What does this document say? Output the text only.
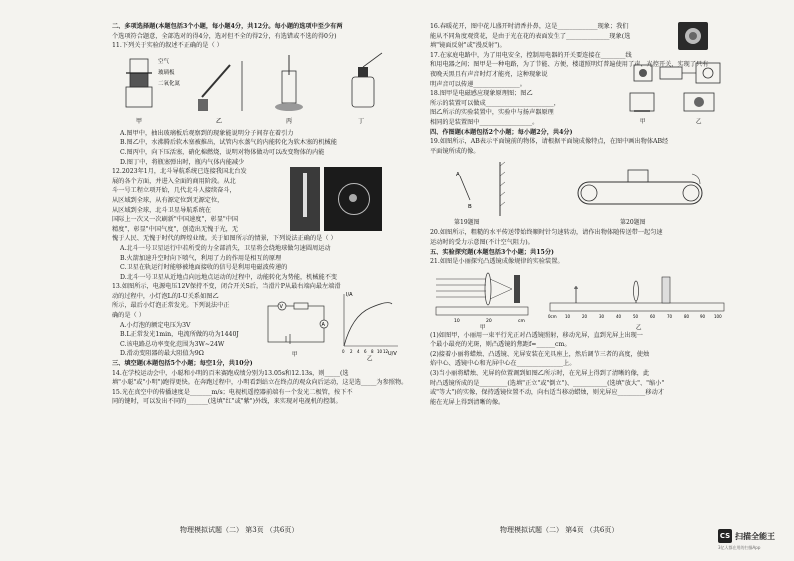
二、多项选择题(本题包括3个小题，每小题4分，共12分。每小题的选项中至少有两
个选项符合题意，全部选对的得4分，选对但不全的得2分，有选错或不选的得0分)
11.下列关于实验的叙述不正确的是（ ）
空气
玻璃板
二氧化氮
甲	乙	丙	丁
A.图甲中，抽出玻璃板后观察到的现象能说明分子间存在着引力
B.图乙中，水沸腾后软木塞被推出，试管内水蒸气的内能转化为软木塞的机械能
C.图丙中，向下压活塞，硝化棉燃烧，说明对物体做功可以改变物体的内能
D.图丁中，将瓶塞弹出时，瓶内气体内能减少
12.2023年1月，北斗导航系统已连接我国北台发
展的各个方面，并进入全面的商用阶段。从北
斗一号工程立项开始，几代北斗人接续奋斗，
从区域到全球，从有源定位到无源定位，
从区域到全球，北斗卫星导航系统在
国际上一次又一次刷新"中国速度"，彰显"中国
精度"，彰显"中国气度"，创造出无愧于光，无
愧于人民、无愧于时代的辉煌业绩。关于如图所示的情景，下列说法正确的是（ ）
A.北斗一号卫星运行中若所受的力全部消失，卫星将会绕地球做匀速圆周运动
B.火箭加速升空时向下喷气，利用了力的作用是相互的原理
C.卫星在轨运行时能够被地面接收的信号是利用电磁波传递的
D.北斗一号卫星从近地点向远地点运动的过程中，动能转化为势能，机械能不变
13.如图所示，电源电压12V保持不变，闭合开关S后，当滑片P从最右端向最左端滑
动的过程中，小灯泡L的I-U关系如图乙
所示，最后小灯泡正常发光。下列说法中正
确的是（ ）
A.小灯泡的额定电压为3V
B.L正常发光1min，电流所做的功为1440J
C.该电路总功率变化范围为3W~24W
D.滑动变阻器的最大阻值为9Ω
V
A
I/A
U/V
0 2 4 6 8 10 12
甲
乙
三、填空题(本题包括5个小题；每空1分，共10分)
14.在学校运动会中，小聪和小明的百米赛跑成绩分别为13.05s和12.13s，则_____(选
填"小聪"或"小明")跑得更快。在奔跑过程中，小明看到站立在终点的观众向后运动，这是选_____为参照物。
15.光在真空中的传播速度是_______m/s；电视机遥控器前端有一个发光二极管，按下不
同的键时，可以发出不同的_______(选填"红"或"紫")外线，来实现对电视机的控制。
物理模拟试题（二） 第3页 （共6页）
16.春暖花开，图中花儿盛开时清香扑鼻，这是_____________现象；我们
能从不同角度观赏花，是由于光在花的表面发生了______________现象(选
填"镜面反射"或"漫反射")。
17.在家庭电路中，为了用电安全，控制用电器的开关要连接在________线
和用电器之间；图甲是一种电路，为了节能、方便，楼道照明灯普遍使用了声、光控开关，实现了只有
夜晚天黑且有声音时灯才能亮，这种现象说
明声音可以传递_______________。
18.图甲是电磁感应现象原理图；图乙
所示的装置可以做成______________________，
图乙所示的实验装置中，实验中与扬声器原理
相同的是装置图中_________________。	甲	乙
四、作图题(本题包括2个小题；每小题2分，共4分)
19.如图所示，AB表示平面镜前的物体，请根据平面镜成像特点，在图中画出物体AB经
平面镜所成的像。
A
B
第19题图	第20题图
20.如图所示，粗糙的水平传送带始终顺时针匀速转动，请作出物体随传送带一起匀速
运动时的受力示意图(不计空气阻力)。
五、实验探究题(本题包括3个小题；共15分)
21.如图是小丽探究凸透镜成像规律的实验装置。
10	20	cm
0cm 10	20	30	40	50	60	70	80	90 100
甲	乙
(1)如图甲，小丽用一束平行光正对凸透镜照射，移动光屏，直到光屏上出现一
个最小最亮的光斑，则凸透镜的焦距f=______cm。
(2)接着小丽将蜡烛、凸透镜、光屏安装在光具座上，然后调节三者的高度，使烛
焰中心、透镜中心和光屏中心在_______________上。
(3)当小丽将蜡烛、光屏的位置调到如图乙所示时，在光屏上得到了清晰的像，此
时凸透镜所成的是_________(选填"正立"或"倒立")、___________(选填"放大"、"缩小"
或"等大")的实像，保持透镜位置不动，向右适当移动蜡烛，则光屏应_________移动才
能在光屏上得到清晰的像。
物理模拟试题（二） 第4页 （共6页）
CS 扫描全能王
3亿人都在用的扫描App
